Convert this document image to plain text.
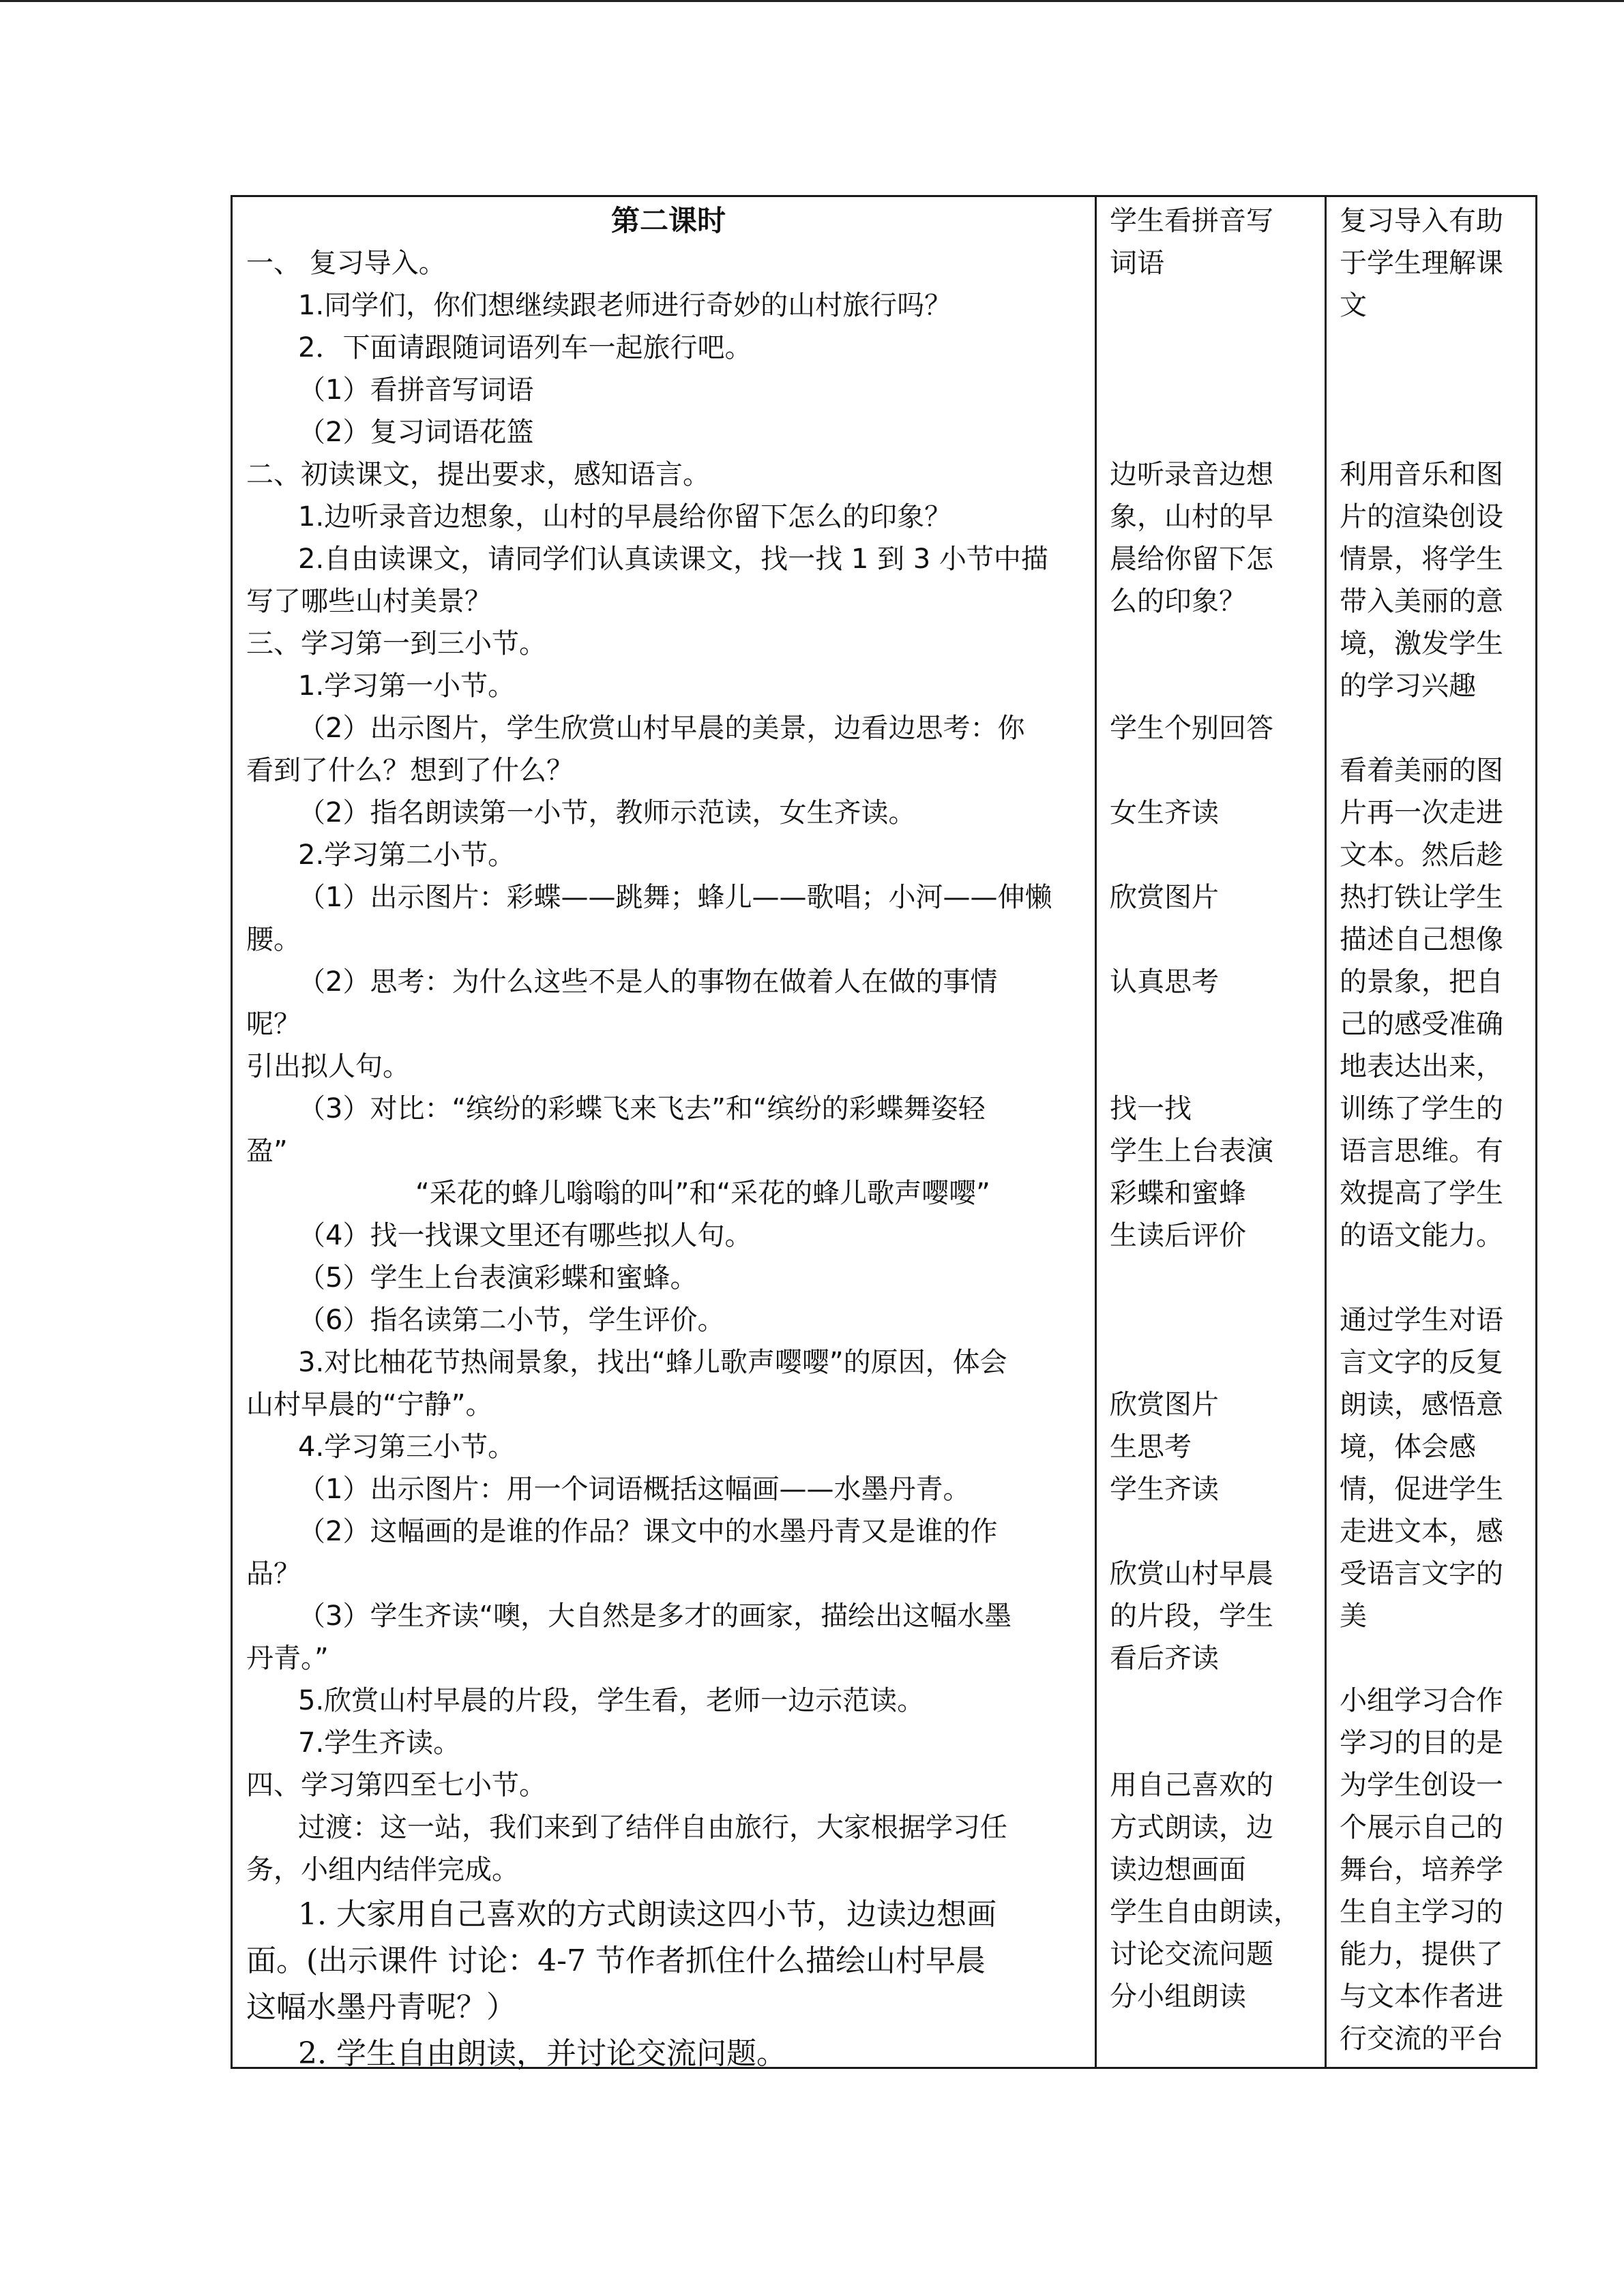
第二课时
一、 复习导入。
1.同学们，你们想继续跟老师进行奇妙的山村旅行吗？
2．下面请跟随词语列车一起旅行吧。
（1）看拼音写词语
（2）复习词语花篮
二、初读课文，提出要求，感知语言。
1.边听录音边想象，山村的早晨给你留下怎么的印象？
2.自由读课文，请同学们认真读课文，找一找 1 到 3 小节中描
写了哪些山村美景？
三、学习第一到三小节。
1.学习第一小节。
（2）出示图片，学生欣赏山村早晨的美景，边看边思考：你
看到了什么？想到了什么？
（2）指名朗读第一小节，教师示范读，女生齐读。
2.学习第二小节。
（1）出示图片：彩蝶——跳舞；蜂儿——歌唱；小河——伸懒
腰。
（2）思考：为什么这些不是人的事物在做着人在做的事情
呢？
引出拟人句。
（3）对比：“缤纷的彩蝶飞来飞去”和“缤纷的彩蝶舞姿轻
盈”
“采花的蜂儿嗡嗡的叫”和“采花的蜂儿歌声嘤嘤”
（4）找一找课文里还有哪些拟人句。
（5）学生上台表演彩蝶和蜜蜂。
（6）指名读第二小节，学生评价。
3.对比柚花节热闹景象，找出“蜂儿歌声嘤嘤”的原因，体会
山村早晨的“宁静”。
4.学习第三小节。
（1）出示图片：用一个词语概括这幅画——水墨丹青。
（2）这幅画的是谁的作品？课文中的水墨丹青又是谁的作
品？
（3）学生齐读“噢，大自然是多才的画家，描绘出这幅水墨
丹青。”
5.欣赏山村早晨的片段，学生看，老师一边示范读。
7.学生齐读。
四、学习第四至七小节。
过渡：这一站，我们来到了结伴自由旅行，大家根据学习任
务，小组内结伴完成。
1. 大家用自己喜欢的方式朗读这四小节，边读边想画
面。(出示课件 讨论：4-7 节作者抓住什么描绘山村早晨
这幅水墨丹青呢？）
2. 学生自由朗读，并讨论交流问题。
学生看拼音写
词语
边听录音边想
象，山村的早
晨给你留下怎
么的印象？
学生个别回答
女生齐读
欣赏图片
认真思考
找一找
学生上台表演
彩蝶和蜜蜂
生读后评价
欣赏图片
生思考
学生齐读
欣赏山村早晨
的片段，学生
看后齐读
用自己喜欢的
方式朗读，边
读边想画面
学生自由朗读，
讨论交流问题
分小组朗读
复习导入有助
于学生理解课
文
利用音乐和图
片的渲染创设
情景，将学生
带入美丽的意
境，激发学生
的学习兴趣
看着美丽的图
片再一次走进
文本。然后趁
热打铁让学生
描述自己想像
的景象，把自
己的感受准确
地表达出来，
训练了学生的
语言思维。有
效提高了学生
的语文能力。
通过学生对语
言文字的反复
朗读，感悟意
境，体会感
情，促进学生
走进文本，感
受语言文字的
美
小组学习合作
学习的目的是
为学生创设一
个展示自己的
舞台，培养学
生自主学习的
能力，提供了
与文本作者进
行交流的平台
